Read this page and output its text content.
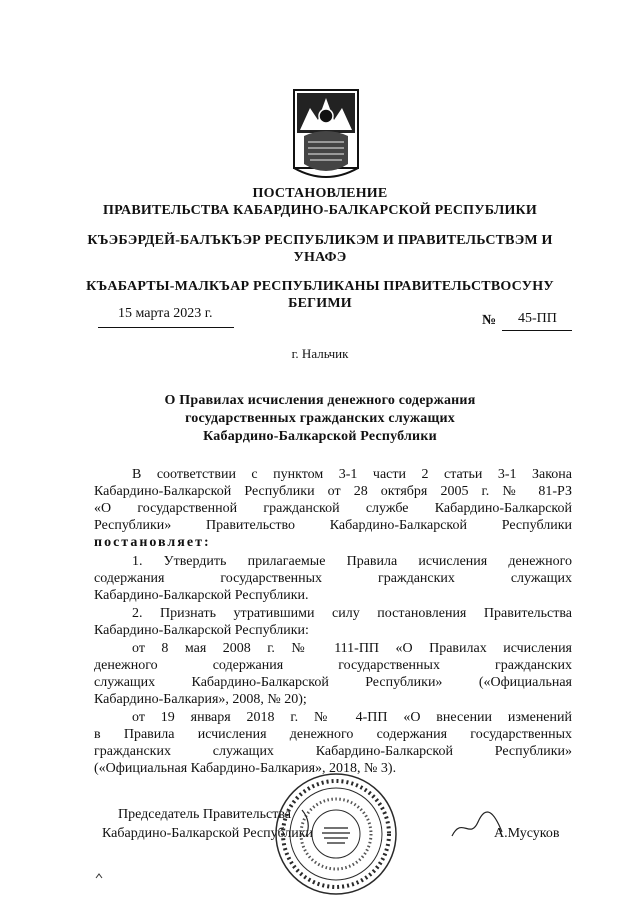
ПОСТАНОВЛЕНИЕ
ПРАВИТЕЛЬСТВА КАБАРДИНО-БАЛКАРСКОЙ РЕСПУБЛИКИ
КЪЭБЭРДЕЙ-БАЛЪКЪЭР РЕСПУБЛИКЭМ И ПРАВИТЕЛЬСТВЭМ И
УНАФЭ
КЪАБАРТЫ-МАЛКЪАР РЕСПУБЛИКАНЫ ПРАВИТЕЛЬСТВОСУНУ
БЕГИМИ
15 марта 2023 г.	№ 45-ПП
г. Нальчик
О Правилах исчисления денежного содержания
государственных гражданских служащих
Кабардино-Балкарской Республики
В соответствии с пунктом 3-1 части 2 статьи 3-1 Закона
Кабардино-Балкарской Республики от 28 октября 2005 г. № 81-РЗ
«О государственной гражданской службе Кабардино-Балкарской
Республики» Правительство Кабардино-Балкарской Республики
постановляет:
1. Утвердить прилагаемые Правила исчисления денежного
содержания государственных гражданских служащих
Кабардино-Балкарской Республики.
2. Признать утратившими силу постановления Правительства
Кабардино-Балкарской Республики:
от 8 мая 2008 г. № 111-ПП «О Правилах исчисления
денежного содержания государственных гражданских
служащих Кабардино-Балкарской Республики» («Официальная
Кабардино-Балкария», 2008, № 20);
от 19 января 2018 г. № 4-ПП «О внесении изменений
в Правила исчисления денежного содержания государственных
гражданских служащих Кабардино-Балкарской Республики»
(«Официальная Кабардино-Балкария», 2018, № 3).
Председатель Правительства
Кабардино-Балкарской Республики	А.Мусуков
